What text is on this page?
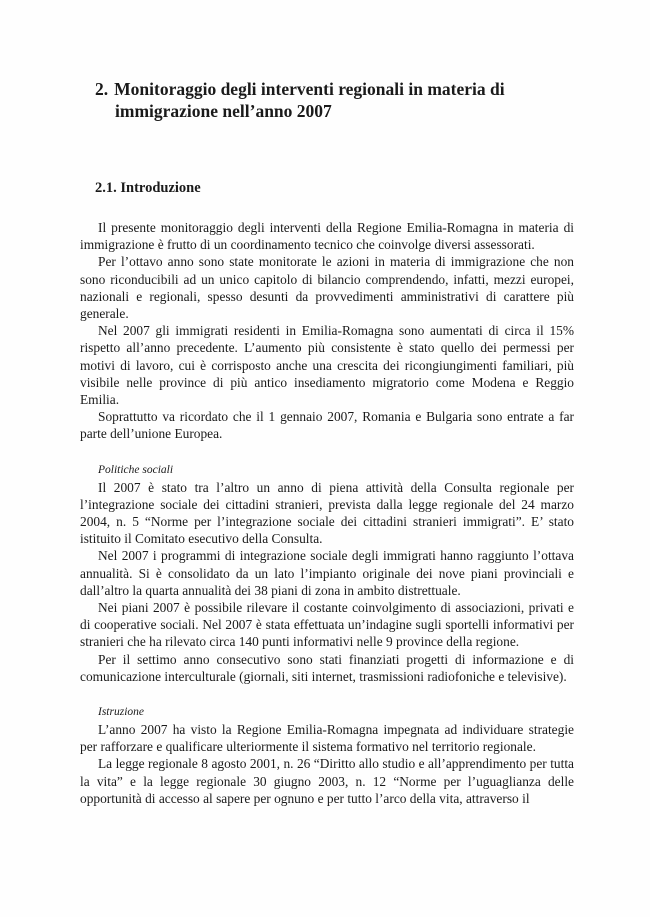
2. Monitoraggio degli interventi regionali in materia di immigrazione nell’anno 2007
2.1. Introduzione

Il presente monitoraggio degli interventi della Regione Emilia-Romagna in materia di immigrazione è frutto di un coordinamento tecnico che coinvolge diversi assessorati.

Per l’ottavo anno sono state monitorate le azioni in materia di immigrazione che non sono riconducibili ad un unico capitolo di bilancio comprendendo, infatti, mezzi europei, nazionali e regionali, spesso desunti da provvedimenti amministrativi di carattere più generale.

Nel 2007 gli immigrati residenti in Emilia-Romagna sono aumentati di circa il 15% rispetto all’anno precedente. L’aumento più consistente è stato quello dei permessi per motivi di lavoro, cui è corrisposto anche una crescita dei ricongiungimenti familiari, più visibile nelle province di più antico insediamento migratorio come Modena e Reggio Emilia.

Soprattutto va ricordato che il 1 gennaio 2007, Romania e Bulgaria sono entrate a far parte dell’unione Europea.

Politiche sociali

Il 2007 è stato tra l’altro un anno di piena attività della Consulta regionale per l’integrazione sociale dei cittadini stranieri, prevista dalla legge regionale del 24 marzo 2004, n. 5 “Norme per l’integrazione sociale dei cittadini stranieri immigrati”. E’ stato istituito il Comitato esecutivo della Consulta.

Nel 2007 i programmi di integrazione sociale degli immigrati hanno raggiunto l’ottava annualità. Si è consolidato da un lato l’impianto originale dei nove piani provinciali e dall’altro la quarta annualità dei 38 piani di zona in ambito distrettuale.

Nei piani 2007 è possibile rilevare il costante coinvolgimento di associazioni, privati e di cooperative sociali. Nel 2007 è stata effettuata un’indagine sugli sportelli informativi per stranieri che ha rilevato circa 140 punti informativi nelle 9 province della regione.

Per il settimo anno consecutivo sono stati finanziati progetti di informazione e di comunicazione interculturale (giornali, siti internet, trasmissioni radiofoniche e televisive).

Istruzione

L’anno 2007 ha visto la Regione Emilia-Romagna impegnata ad individuare strategie per rafforzare e qualificare ulteriormente il sistema formativo nel territorio regionale.

La legge regionale 8 agosto 2001, n. 26 “Diritto allo studio e all’apprendimento per tutta la vita” e la legge regionale 30 giugno 2003, n. 12 “Norme per l’uguaglianza delle opportunità di accesso al sapere per ognuno e per tutto l’arco della vita, attraverso il
